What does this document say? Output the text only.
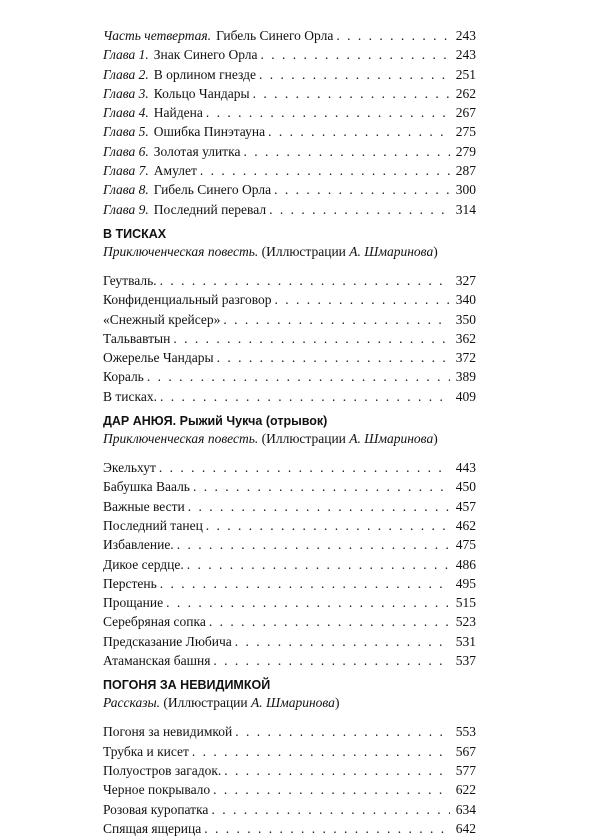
Часть четвертая. Гибель Синего Орла . . .	243
Глава 1. Знак Синего Орла . . .	243
Глава 2. В орлином гнезде . . .	251
Глава 3. Кольцо Чандары . . .	262
Глава 4. Найдена . . .	267
Глава 5. Ошибка Пинэтауна . . .	275
Глава 6. Золотая улитка . . .	279
Глава 7. Амулет . . .	287
Глава 8. Гибель Синего Орла . . .	300
Глава 9. Последний перевал . . .	314
В ТИСКАХ
Приключенческая повесть. (Иллюстрации А. Шмаринова)
Геутваль. . . .	327
Конфиденциальный разговор . . .	340
«Снежный крейсер» . . .	350
Тальвавтын . . .	362
Ожерелье Чандары . . .	372
Кораль . . .	389
В тисках. . . .	409
ДАР АНЮЯ. Рыжий Чукча (отрывок)
Приключенческая повесть. (Иллюстрации А. Шмаринова)
Экельхут . . .	443
Бабушка Вааль . . .	450
Важные вести . . .	457
Последний танец . . .	462
Избавление. . . .	475
Дикое сердце. . . .	486
Перстень . . .	495
Прощание . . .	515
Серебряная сопка . . .	523
Предсказание Любича . . .	531
Атаманская башня . . .	537
ПОГОНЯ ЗА НЕВИДИМКОЙ
Рассказы. (Иллюстрации А. Шмаринова)
Погоня за невидимкой . . .	553
Трубка и кисет . . .	567
Полуостров загадок. . . .	577
Черное покрывало . . .	622
Розовая куропатка . . .	634
Спящая ящерица . . .	642
